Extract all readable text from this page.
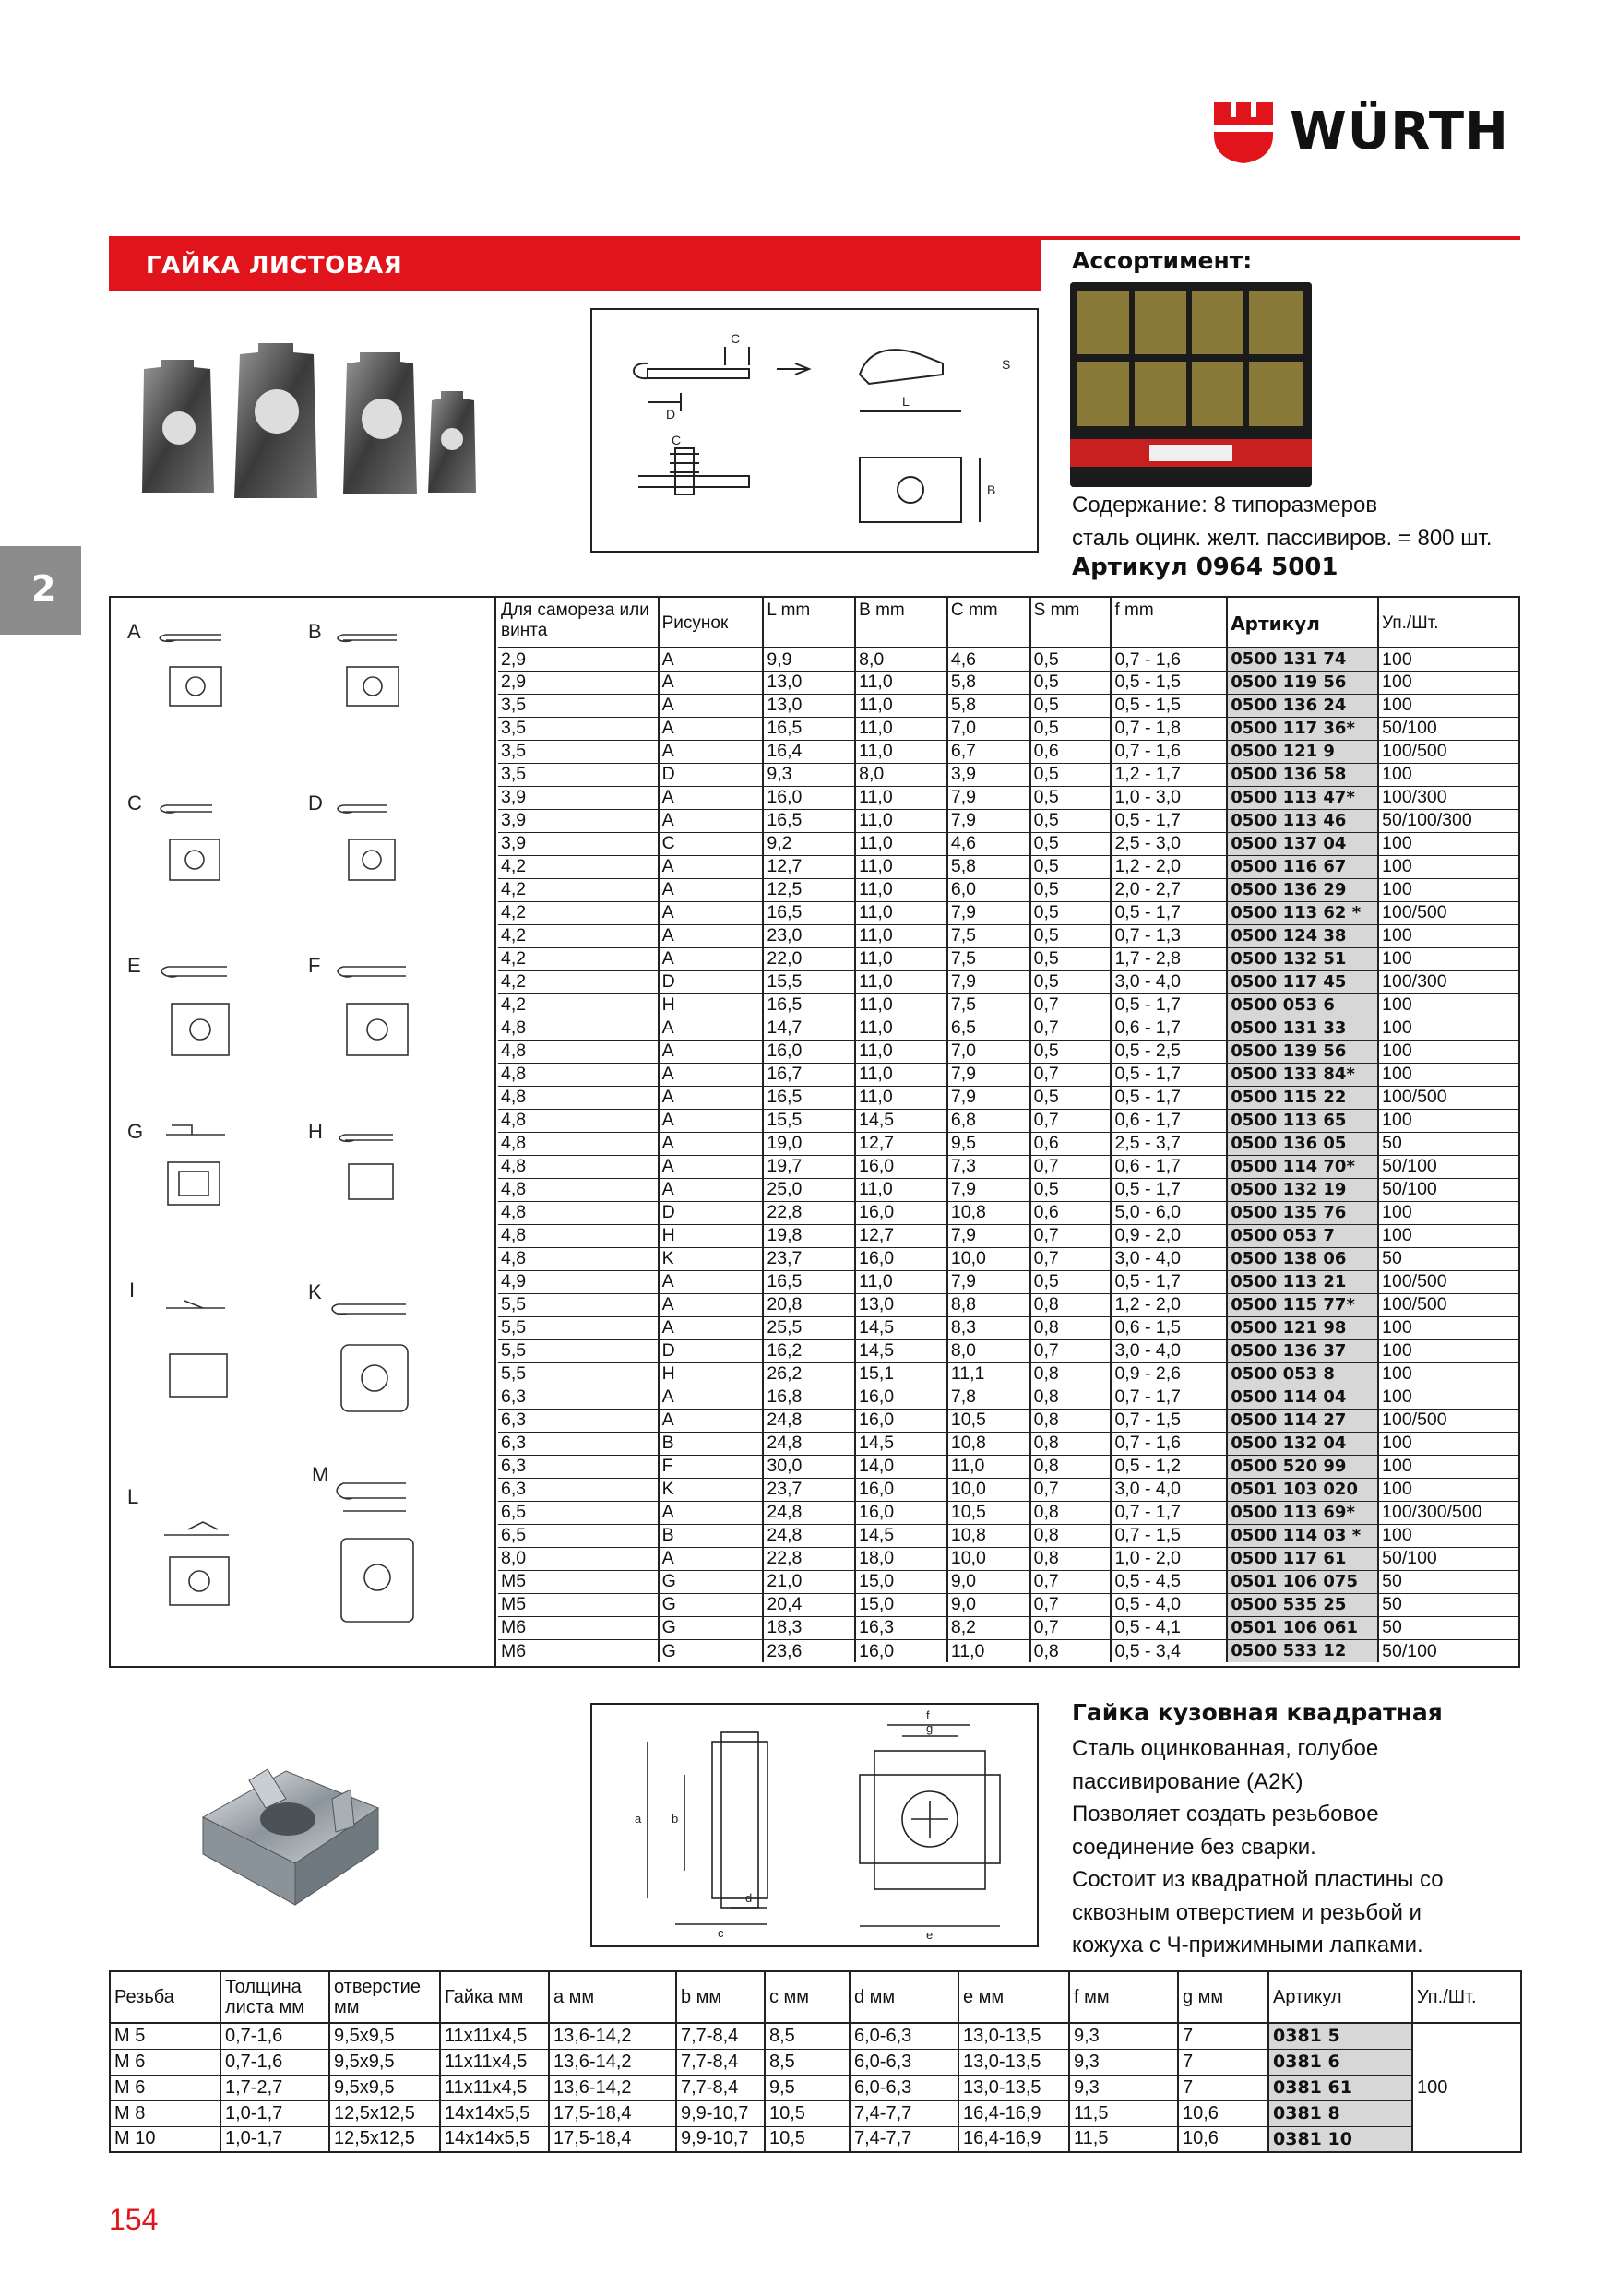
WÜRTH
ГАЙКА ЛИСТОВАЯ
2
C
D
C
L
B
S
Ассортимент:
Содержание: 8 типоразмеров
сталь оцинк. желт. пассивиров. = 800 шт.
Артикул 0964 5001
A	B
C	D
E	F
G	H
I	K
L
M
Для самореза или винта	Рисунок	L mm	B mm	C mm	S mm	f mm	Артикул	Уп./Шт.
2,9	A	9,9	8,0	4,6	0,5	0,7 - 1,6	0500 131 74	100
2,9	A	13,0	11,0	5,8	0,5	0,5 - 1,5	0500 119 56	100
3,5	A	13,0	11,0	5,8	0,5	0,5 - 1,5	0500 136 24	100
3,5	A	16,5	11,0	7,0	0,5	0,7 - 1,8	0500 117 36*	50/100
3,5	A	16,4	11,0	6,7	0,6	0,7 - 1,6	0500 121 9	100/500
3,5	D	9,3	8,0	3,9	0,5	1,2 - 1,7	0500 136 58	100
3,9	A	16,0	11,0	7,9	0,5	1,0 - 3,0	0500 113 47*	100/300
3,9	A	16,5	11,0	7,9	0,5	0,5 - 1,7	0500 113 46	50/100/300
3,9	C	9,2	11,0	4,6	0,5	2,5 - 3,0	0500 137 04	100
4,2	A	12,7	11,0	5,8	0,5	1,2 - 2,0	0500 116 67	100
4,2	A	12,5	11,0	6,0	0,5	2,0 - 2,7	0500 136 29	100
4,2	A	16,5	11,0	7,9	0,5	0,5 - 1,7	0500 113 62 *	100/500
4,2	A	23,0	11,0	7,5	0,5	0,7 - 1,3	0500 124 38	100
4,2	A	22,0	11,0	7,5	0,5	1,7 - 2,8	0500 132 51	100
4,2	D	15,5	11,0	7,9	0,5	3,0 - 4,0	0500 117 45	100/300
4,2	H	16,5	11,0	7,5	0,7	0,5 - 1,7	0500 053 6	100
4,8	A	14,7	11,0	6,5	0,7	0,6 - 1,7	0500 131 33	100
4,8	A	16,0	11,0	7,0	0,5	0,5 - 2,5	0500 139 56	100
4,8	A	16,7	11,0	7,9	0,7	0,5 - 1,7	0500 133 84*	100
4,8	A	16,5	11,0	7,9	0,5	0,5 - 1,7	0500 115 22	100/500
4,8	A	15,5	14,5	6,8	0,7	0,6 - 1,7	0500 113 65	100
4,8	A	19,0	12,7	9,5	0,6	2,5 - 3,7	0500 136 05	50
4,8	A	19,7	16,0	7,3	0,7	0,6 - 1,7	0500 114 70*	50/100
4,8	A	25,0	11,0	7,9	0,5	0,5 - 1,7	0500 132 19	50/100
4,8	D	22,8	16,0	10,8	0,6	5,0 - 6,0	0500 135 76	100
4,8	H	19,8	12,7	7,9	0,7	0,9 - 2,0	0500 053 7	100
4,8	K	23,7	16,0	10,0	0,7	3,0 - 4,0	0500 138 06	50
4,9	A	16,5	11,0	7,9	0,5	0,5 - 1,7	0500 113 21	100/500
5,5	A	20,8	13,0	8,8	0,8	1,2 - 2,0	0500 115 77*	100/500
5,5	A	25,5	14,5	8,3	0,8	0,6 - 1,5	0500 121 98	100
5,5	D	16,2	14,5	8,0	0,7	3,0 - 4,0	0500 136 37	100
5,5	H	26,2	15,1	11,1	0,8	0,9 - 2,6	0500 053 8	100
6,3	A	16,8	16,0	7,8	0,8	0,7 - 1,7	0500 114 04	100
6,3	A	24,8	16,0	10,5	0,8	0,7 - 1,5	0500 114 27	100/500
6,3	B	24,8	14,5	10,8	0,8	0,7 - 1,6	0500 132 04	100
6,3	F	30,0	14,0	11,0	0,8	0,5 - 1,2	0500 520 99	100
6,3	K	23,7	16,0	10,0	0,7	3,0 - 4,0	0501 103 020	100
6,5	A	24,8	16,0	10,5	0,8	0,7 - 1,7	0500 113 69*	100/300/500
6,5	B	24,8	14,5	10,8	0,8	0,7 - 1,5	0500 114 03 *	100
8,0	A	22,8	18,0	10,0	0,8	1,0 - 2,0	0500 117 61	50/100
M5	G	21,0	15,0	9,0	0,7	0,5 - 4,5	0501 106 075	50
M5	G	20,4	15,0	9,0	0,7	0,5 - 4,0	0500 535 25	50
M6	G	18,3	16,3	8,2	0,7	0,5 - 4,1	0501 106 061	50
M6	G	23,6	16,0	11,0	0,8	0,5 - 3,4	0500 533 12	50/100
a	b
c
d
e
f
g
Гайка кузовная квадратная
Сталь оцинкованная, голубое
пассивирование (A2K)
Позволяет создать резьбовое
соединение без сварки.
Состоит из квадратной пластины со
сквозным отверстием и резьбой и
кожуха с Ч-прижимными лапками.
Резьба	Толщина листа мм	отверстие мм	Гайка мм	a мм	b мм	c мм	d мм	e мм	f мм	g мм	Артикул	Уп./Шт.
М 5	0,7-1,6	9,5x9,5	11x11x4,5	13,6-14,2	7,7-8,4	8,5	6,0-6,3	13,0-13,5	9,3	7	0381 5	100
М 6	0,7-1,6	9,5x9,5	11x11x4,5	13,6-14,2	7,7-8,4	8,5	6,0-6,3	13,0-13,5	9,3	7	0381 6	
М 6	1,7-2,7	9,5x9,5	11x11x4,5	13,6-14,2	7,7-8,4	9,5	6,0-6,3	13,0-13,5	9,3	7	0381 61	
М 8	1,0-1,7	12,5x12,5	14x14x5,5	17,5-18,4	9,9-10,7	10,5	7,4-7,7	16,4-16,9	11,5	10,6	0381 8	
М 10	1,0-1,7	12,5x12,5	14x14x5,5	17,5-18,4	9,9-10,7	10,5	7,4-7,7	16,4-16,9	11,5	10,6	0381 10	
154
